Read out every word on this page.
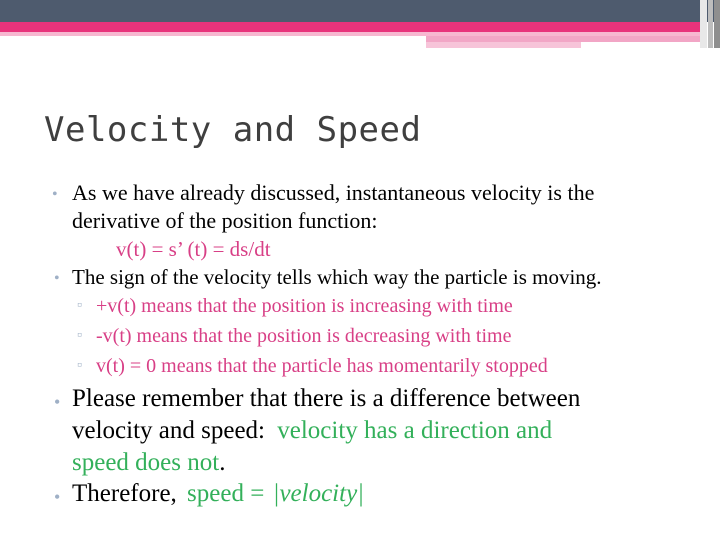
Velocity and Speed
• As we have already discussed, instantaneous velocity is the
derivative of the position function:
v(t) = s’ (t) = ds/dt
• The sign of the velocity tells which way the particle is moving.
▫ +v(t) means that the position is increasing with time
▫ -v(t) means that the position is decreasing with time
▫ v(t) = 0 means that the particle has momentarily stopped
• Please remember that there is a difference between
velocity and speed: velocity has a direction and
speed does not.
• Therefore, speed = |velocity|
